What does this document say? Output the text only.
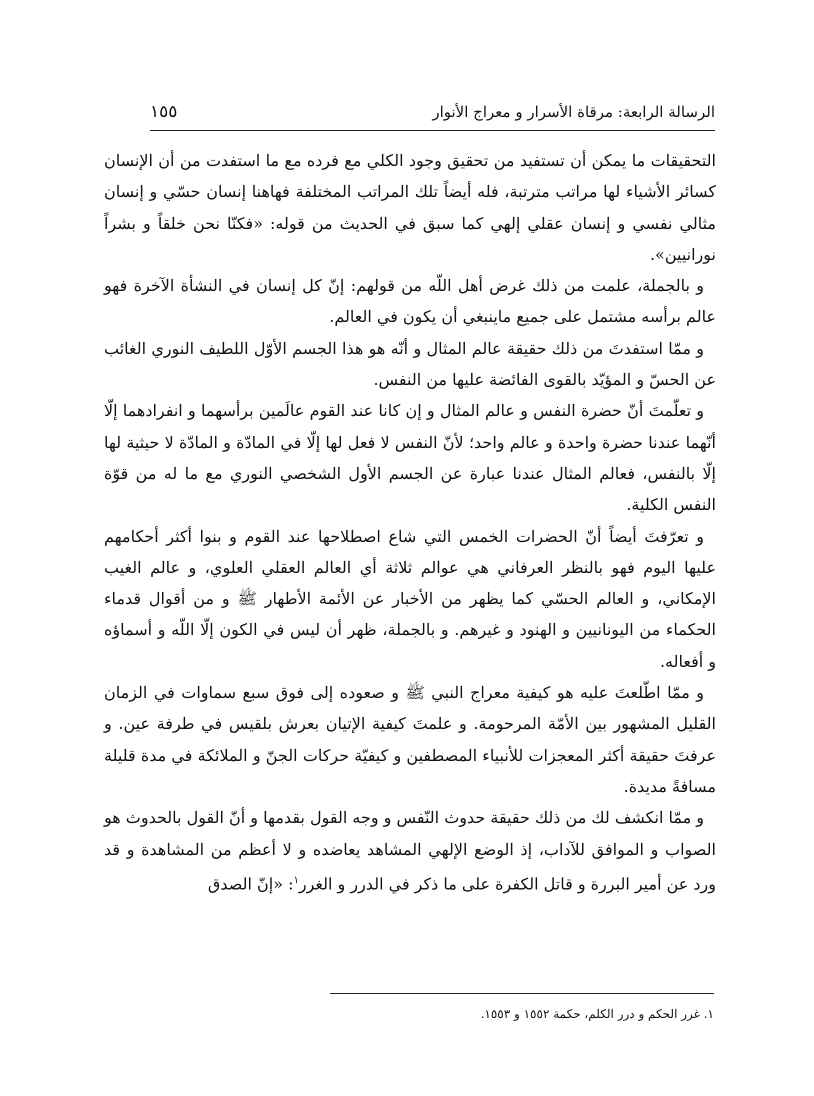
الرسالة الرابعة: مرقاة الأسرار و معراج الأنوار
١٥٥

التحقيقات ما يمكن أن تستفيد من تحقيق وجود الكلي مع فرده مع ما استفدت من أن الإنسان كسائر الأشياء لها مراتب مترتبة، فله أيضاً تلك المراتب المختلفة فهاهنا إنسان حسّي و إنسان مثالي نفسي و إنسان عقلي إلهي كما سبق في الحديث من قوله: «فكنّا نحن خلقاً و بشراً نورانيين».

و بالجملة، علمت من ذلك غرض أهل اللّه من قولهم: إنّ كل إنسان في النشأة الآخرة فهو عالم برأسه مشتمل على جميع ماينبغي أن يكون في العالم.

و ممّا استفدتَ من ذلك حقيقة عالم المثال و أنّه هو هذا الجسم الأوّل اللطيف النوري الغائب عن الحسّ و المؤيّد بالقوى الفائضة عليها من النفس.

و تعلّمتَ أنّ حضرة النفس و عالم المثال و إن كانا عند القوم عالَمين برأسهما و انفرادهما إلّا أنّهما عندنا حضرة واحدة و عالم واحد؛ لأنّ النفس لا فعل لها إلّا في المادّة و المادّة لا حيثية لها إلّا بالنفس، فعالم المثال عندنا عبارة عن الجسم الأول الشخصي النوري مع ما له من قوّة النفس الكلية.

و تعرّفتَ أيضاً أنّ الحضرات الخمس التي شاع اصطلاحها عند القوم و بنوا أكثر أحكامهم عليها اليوم فهو بالنظر العرفاني هي عوالم ثلاثة أي العالم العقلي العلوي، و عالم الغيب الإمكاني، و العالم الحسّي كما يظهر من الأخبار عن الأئمة الأطهار ﷺ و من أقوال قدماء الحكماء من اليونانيين و الهنود و غيرهم. و بالجملة، ظهر أن ليس في الكون إلّا اللّه و أسماؤه و أفعاله.

و ممّا اطّلعتَ عليه هو كيفية معراج النبي ﷺ و صعوده إلى فوق سبع سماوات في الزمان القليل المشهور بين الأمّة المرحومة. و علمتَ كيفية الإتيان بعرش بلقيس في طرفة عين. و عرفتَ حقيقة أكثر المعجزات للأنبياء المصطفين و كيفيّة حركات الجنّ و الملائكة في مدة قليلة مسافةً مديدة.

و ممّا انكشف لك من ذلك حقيقة حدوث النّفس و وجه القول بقدمها و أنّ القول بالحدوث هو الصواب و الموافق للآداب، إذ الوضع الإلهي المشاهد يعاضده و لا أعظم من المشاهدة و قد ورد عن أمير البررة و قاتل الكفرة على ما ذكر في الدرر و الغرر$^١$: «إنّ الصدق

١. غرر الحكم و درر الكلم، حكمة ١٥٥٢ و ١٥٥٣.
